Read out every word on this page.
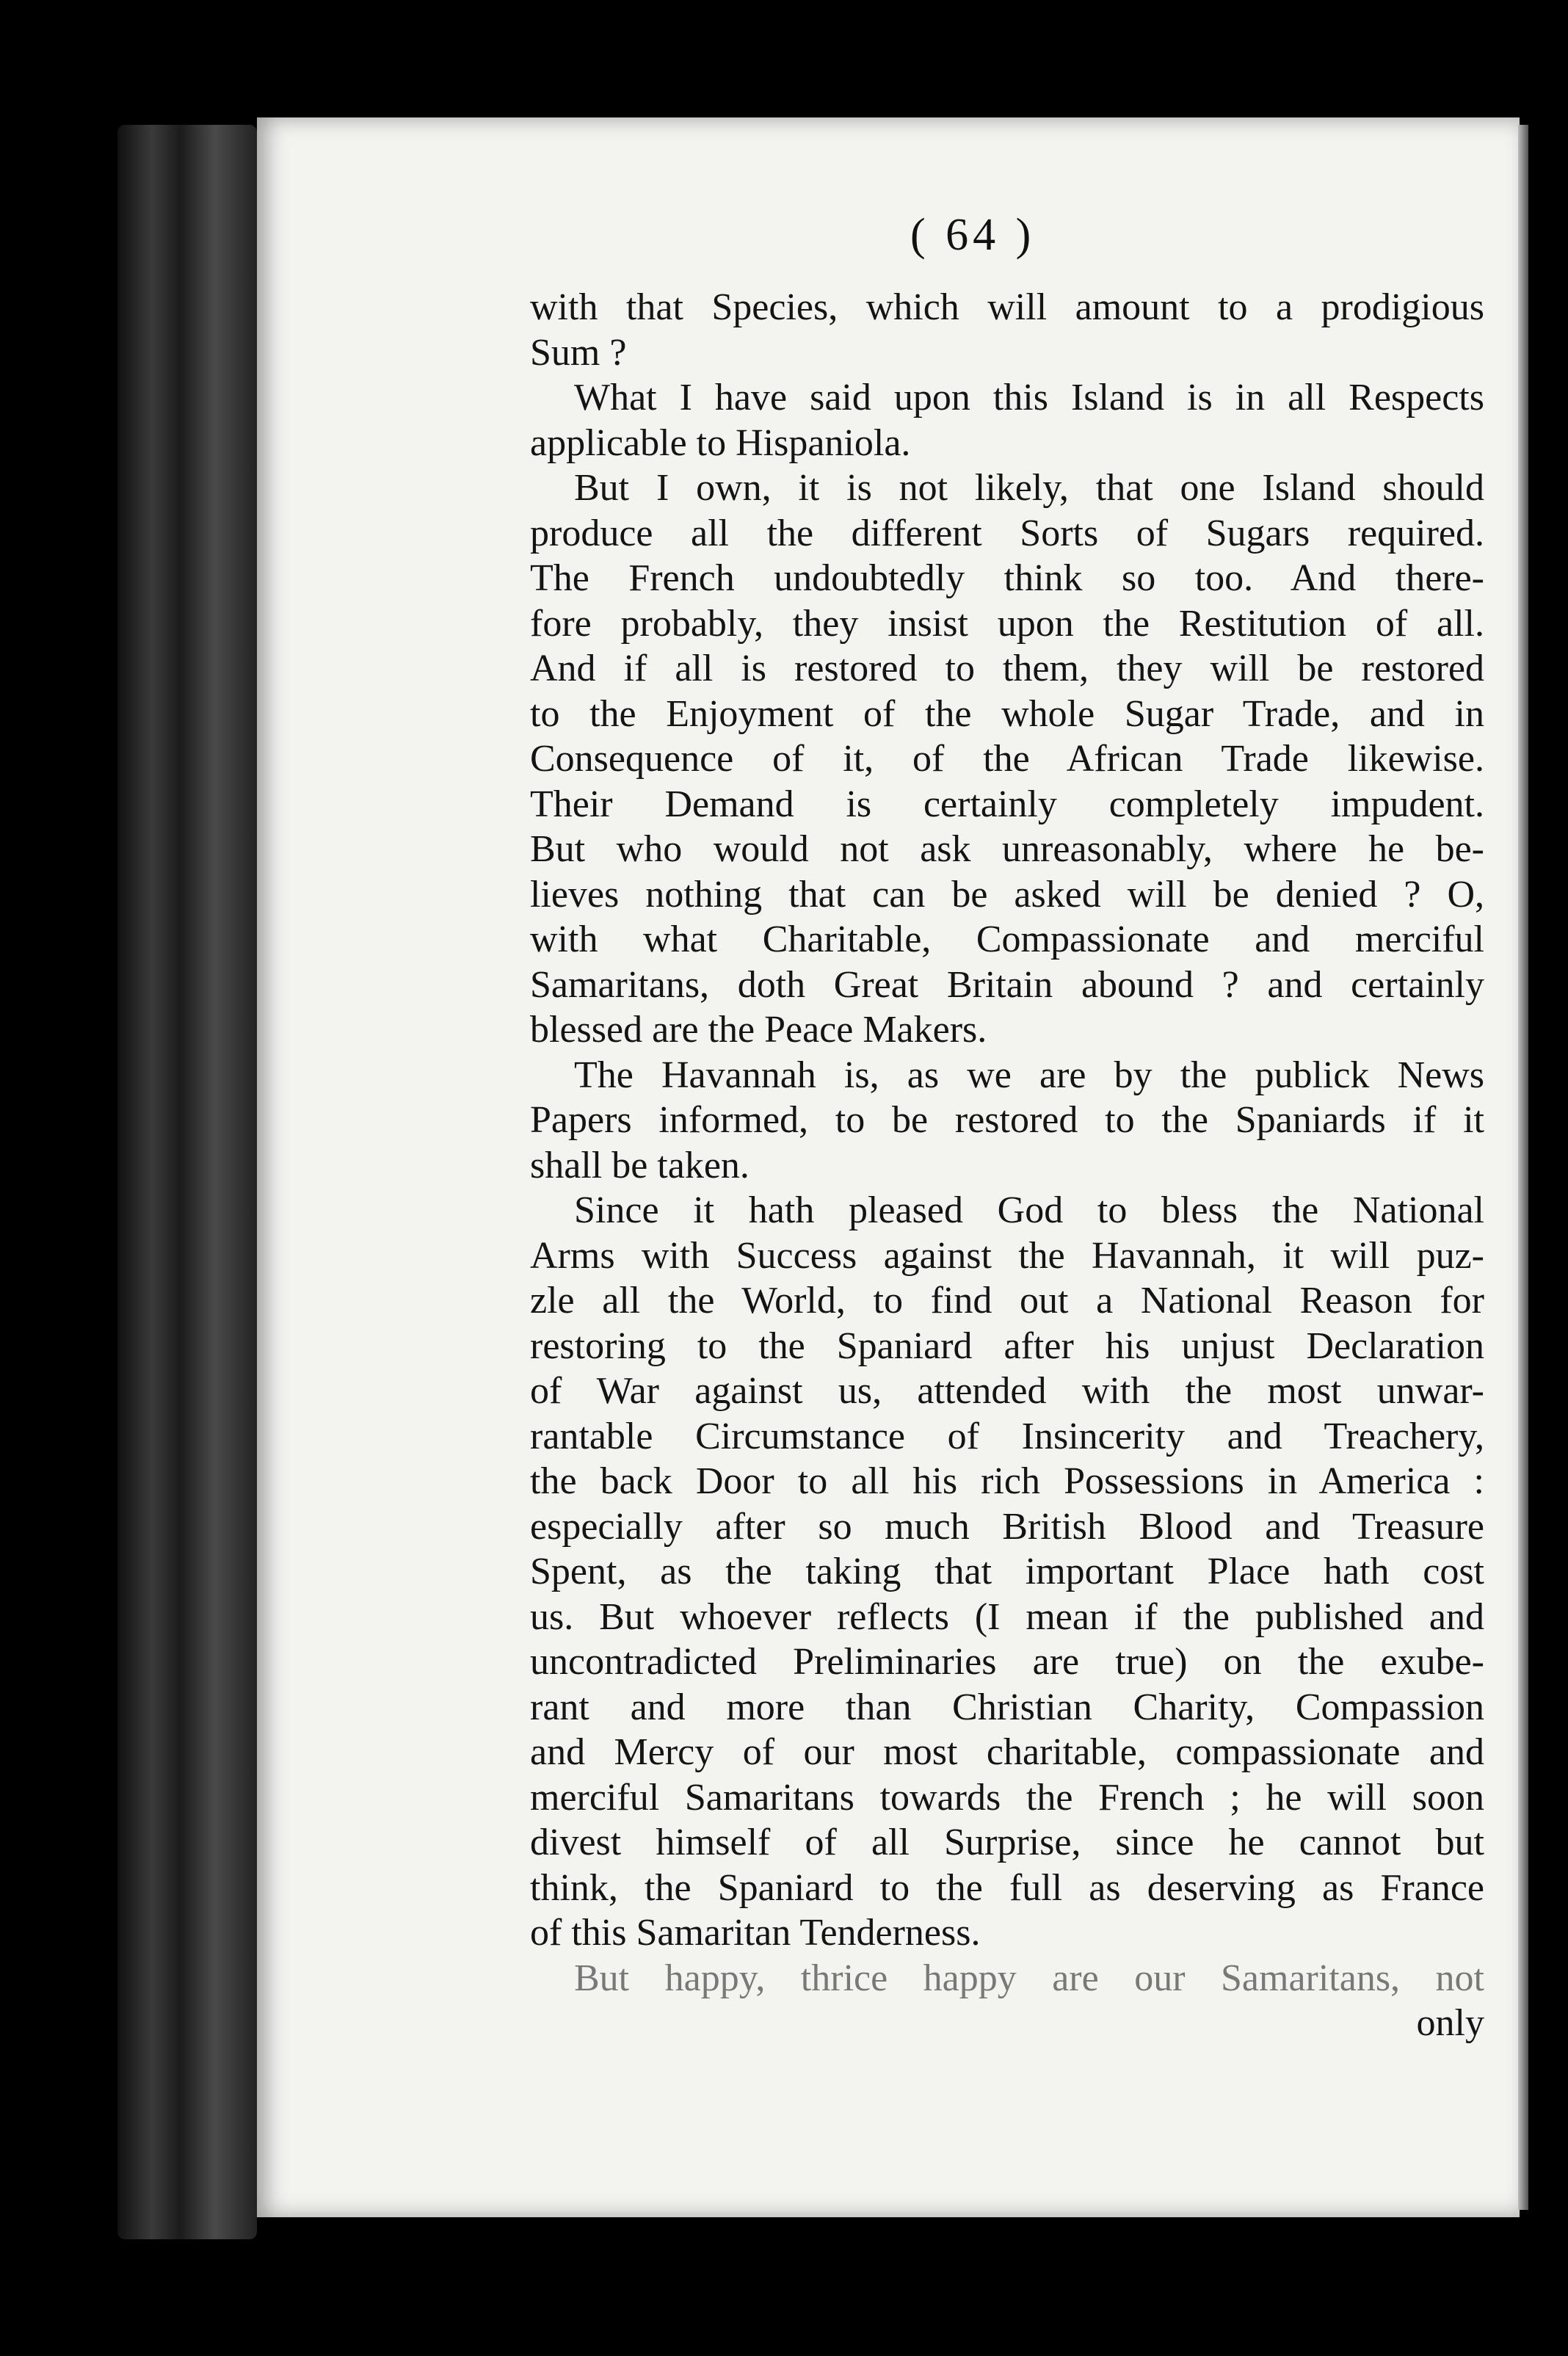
( 64 )
with that Species, which will amount to a prodigious
Sum ?
What I have said upon this Island is in all Respects
applicable to Hispaniola.
But I own, it is not likely, that one Island should
produce all the different Sorts of Sugars required.
The French undoubtedly think so too. And there-
fore probably, they insist upon the Restitution of all.
And if all is restored to them, they will be restored
to the Enjoyment of the whole Sugar Trade, and in
Consequence of it, of the African Trade likewise.
Their Demand is certainly completely impudent.
But who would not ask unreasonably, where he be-
lieves nothing that can be asked will be denied ? O,
with what Charitable, Compassionate and merciful
Samaritans, doth Great Britain abound ? and certainly
blessed are the Peace Makers.
The Havannah is, as we are by the publick News
Papers informed, to be restored to the Spaniards if it
shall be taken.
Since it hath pleased God to bless the National
Arms with Success against the Havannah, it will puz-
zle all the World, to find out a National Reason for
restoring to the Spaniard after his unjust Declaration
of War against us, attended with the most unwar-
rantable Circumstance of Insincerity and Treachery,
the back Door to all his rich Possessions in America :
especially after so much British Blood and Treasure
Spent, as the taking that important Place hath cost
us. But whoever reflects (I mean if the published and
uncontradicted Preliminaries are true) on the exube-
rant and more than Christian Charity, Compassion
and Mercy of our most charitable, compassionate and
merciful Samaritans towards the French ; he will soon
divest himself of all Surprise, since he cannot but
think, the Spaniard to the full as deserving as France
of this Samaritan Tenderness.
But happy, thrice happy are our Samaritans, not
only
